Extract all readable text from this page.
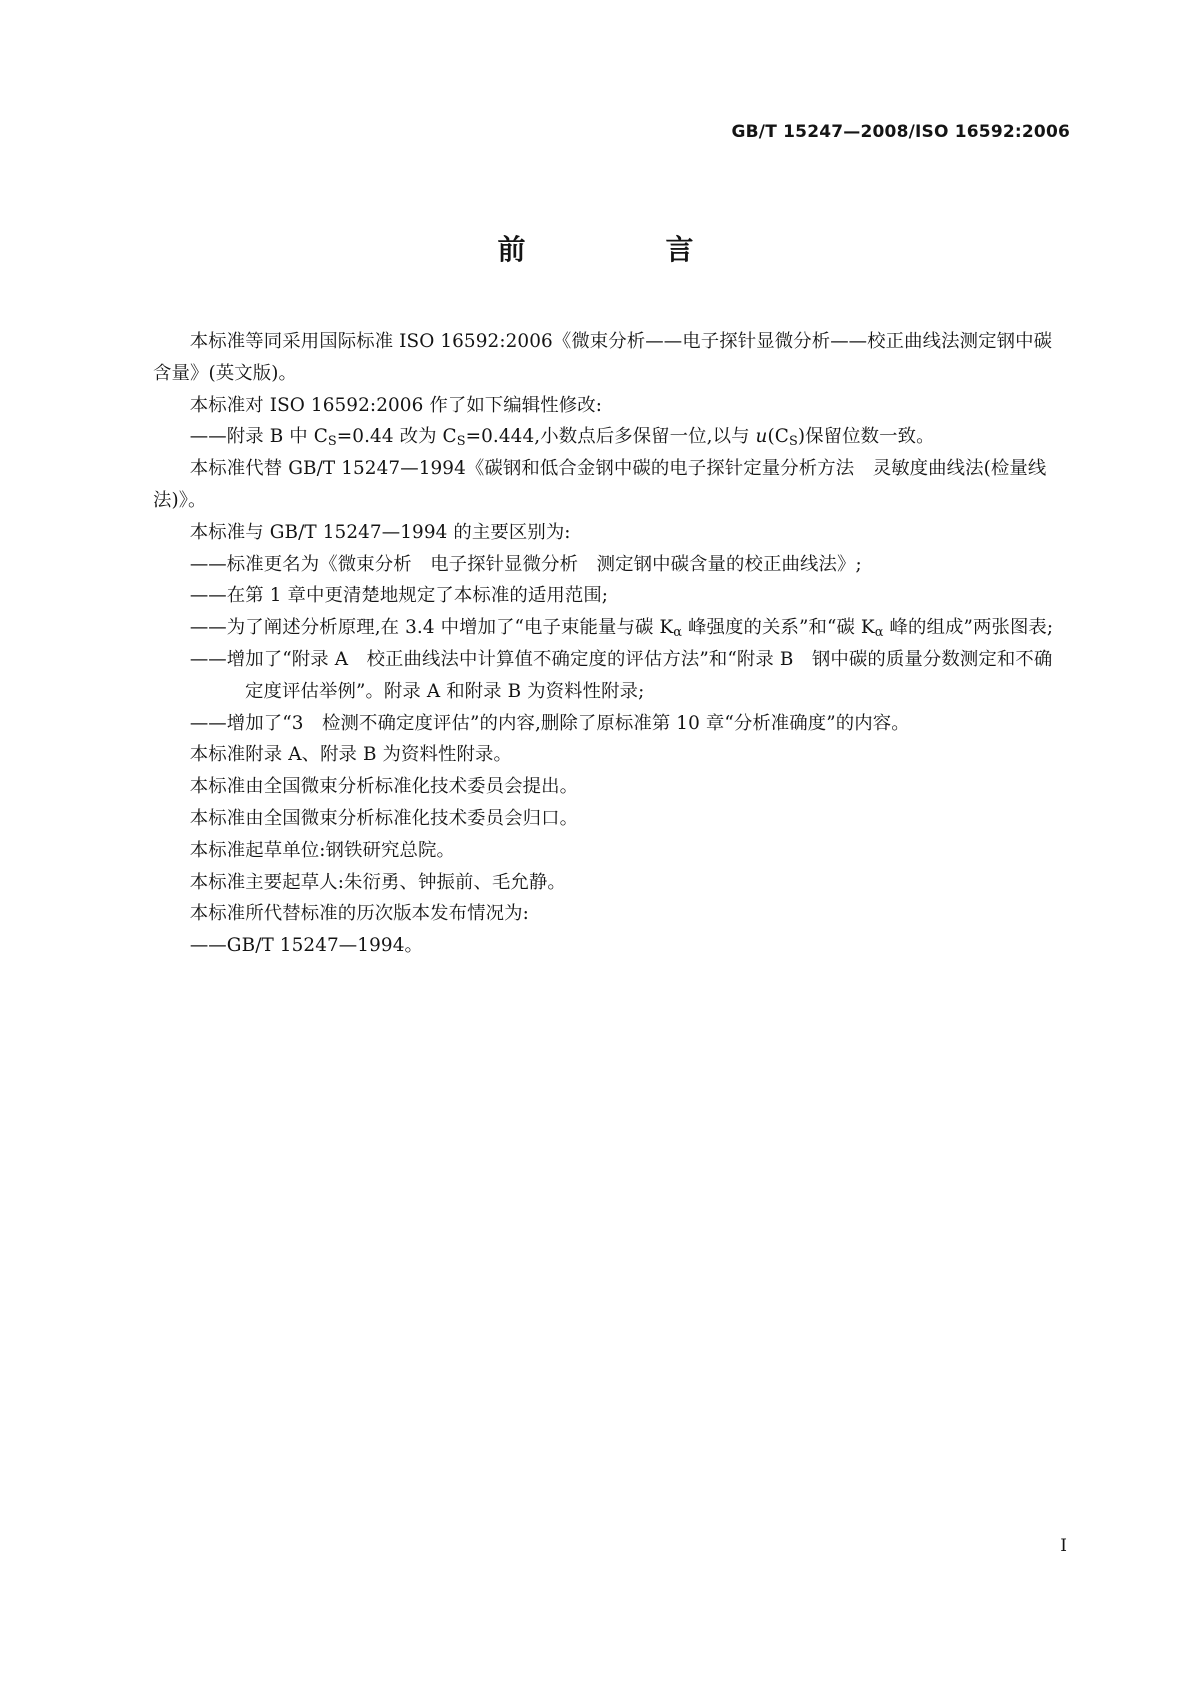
GB/T 15247—2008/ISO 16592:2006
前　言

本标准等同采用国际标准 ISO 16592:2006《微束分析——电子探针显微分析——校正曲线法测定钢中碳含量》(英文版)。

本标准对 ISO 16592:2006 作了如下编辑性修改:

——附录 B 中 $C_S=0.44$ 改为 $C_S=0.444$,小数点后多保留一位,以与 $u(C_S)$保留位数一致。

本标准代替 GB/T 15247—1994《碳钢和低合金钢中碳的电子探针定量分析方法　灵敏度曲线法(检量线法)》。

本标准与 GB/T 15247—1994 的主要区别为:

——标准更名为《微束分析　电子探针显微分析　测定钢中碳含量的校正曲线法》;

——在第 1 章中更清楚地规定了本标准的适用范围;

——为了阐述分析原理,在 3.4 中增加了“电子束能量与碳 $K_\alpha$ 峰强度的关系”和“碳 $K_\alpha$ 峰的组成”两张图表;

——增加了“附录 A　校正曲线法中计算值不确定度的评估方法”和“附录 B　钢中碳的质量分数测定和不确定度评估举例”。附录 A 和附录 B 为资料性附录;

——增加了“3　检测不确定度评估”的内容,删除了原标准第 10 章“分析准确度”的内容。

本标准附录 A、附录 B 为资料性附录。

本标准由全国微束分析标准化技术委员会提出。

本标准由全国微束分析标准化技术委员会归口。

本标准起草单位:钢铁研究总院。

本标准主要起草人:朱衍勇、钟振前、毛允静。

本标准所代替标准的历次版本发布情况为:

——GB/T 15247—1994。

I
